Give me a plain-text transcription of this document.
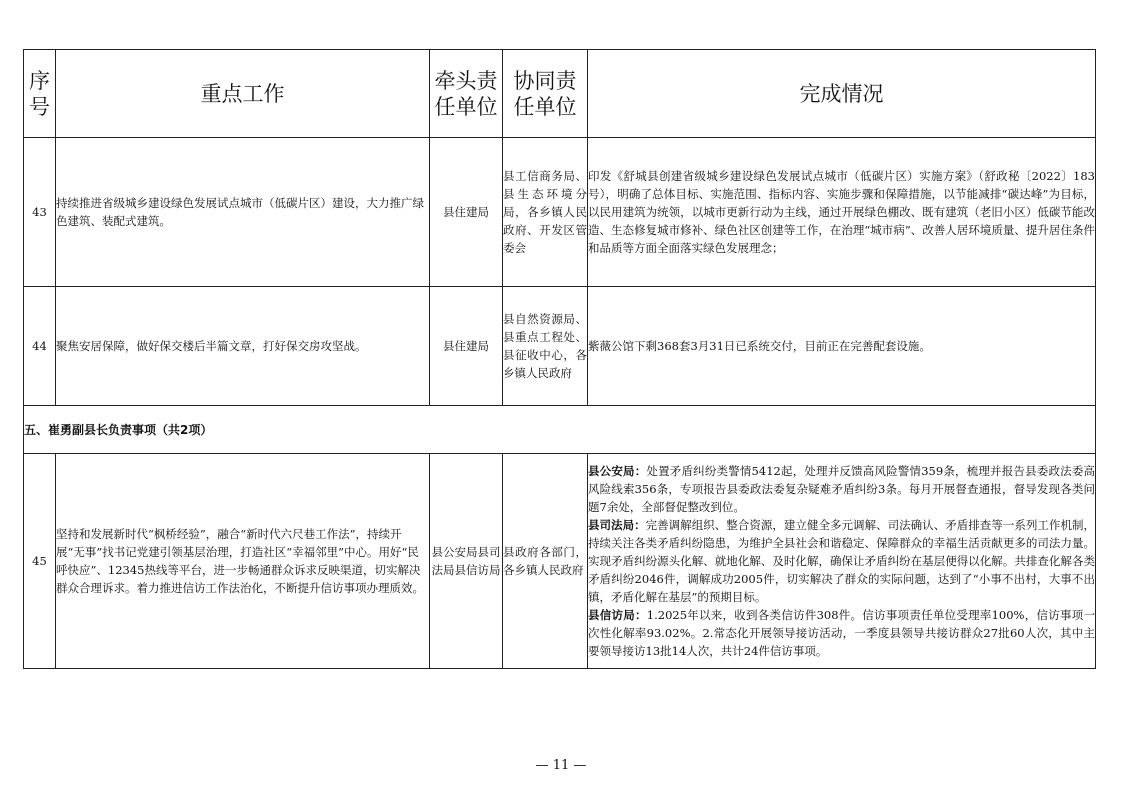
序号	重点工作	牵头责任单位	协同责任单位	完成情况
43	持续推进省级城乡建设绿色发展试点城市（低碳片区）建设，大力推广绿色建筑、装配式建筑。	县住建局	县工信商务局、县生态环境分局，各乡镇人民政府、开发区管委会	印发《舒城县创建省级城乡建设绿色发展试点城市（低碳片区）实施方案》（舒政秘〔2022〕183号），明确了总体目标、实施范围、指标内容、实施步骤和保障措施，以节能减排“碳达峰”为目标，以民用建筑为统领，以城市更新行动为主线，通过开展绿色棚改、既有建筑（老旧小区）低碳节能改造、生态修复城市修补、绿色社区创建等工作，在治理“城市病”、改善人居环境质量、提升居住条件和品质等方面全面落实绿色发展理念；
44	聚焦安居保障，做好保交楼后半篇文章，打好保交房攻坚战。	县住建局	县自然资源局、县重点工程处、县征收中心，各乡镇人民政府	紫薇公馆下剩368套3月31日已系统交付，目前正在完善配套设施。
五、崔勇副县长负责事项（共2项）				
45	坚持和发展新时代“枫桥经验”，融合“新时代六尺巷工作法”，持续开展“无事”找书记党建引领基层治理，打造社区“幸福邻里”中心。用好“民呼快应”、12345热线等平台，进一步畅通群众诉求反映渠道，切实解决群众合理诉求。着力推进信访工作法治化，不断提升信访事项办理质效。	县公安局县司法局县信访局	县政府各部门，各乡镇人民政府	县公安局：处置矛盾纠纷类警情5412起，处理并反馈高风险警情359条，梳理并报告县委政法委高风险线索356条，专项报告县委政法委复杂疑难矛盾纠纷3条。每月开展督查通报，督导发现各类问题7余处，全部督促整改到位。
县司法局：完善调解组织、整合资源，建立健全多元调解、司法确认、矛盾排查等一系列工作机制，持续关注各类矛盾纠纷隐患，为维护全县社会和谐稳定、保障群众的幸福生活贡献更多的司法力量。实现矛盾纠纷源头化解、就地化解、及时化解，确保让矛盾纠纷在基层便得以化解。共排查化解各类矛盾纠纷2046件，调解成功2005件，切实解决了群众的实际问题，达到了“小事不出村，大事不出镇，矛盾化解在基层”的预期目标。
县信访局：1.2025年以来，收到各类信访件308件。信访事项责任单位受理率100%，信访事项一次性化解率93.02%。2.常态化开展领导接访活动，一季度县领导共接访群众27批60人次，其中主要领导接访13批14人次，共计24件信访事项。
— 11 —
